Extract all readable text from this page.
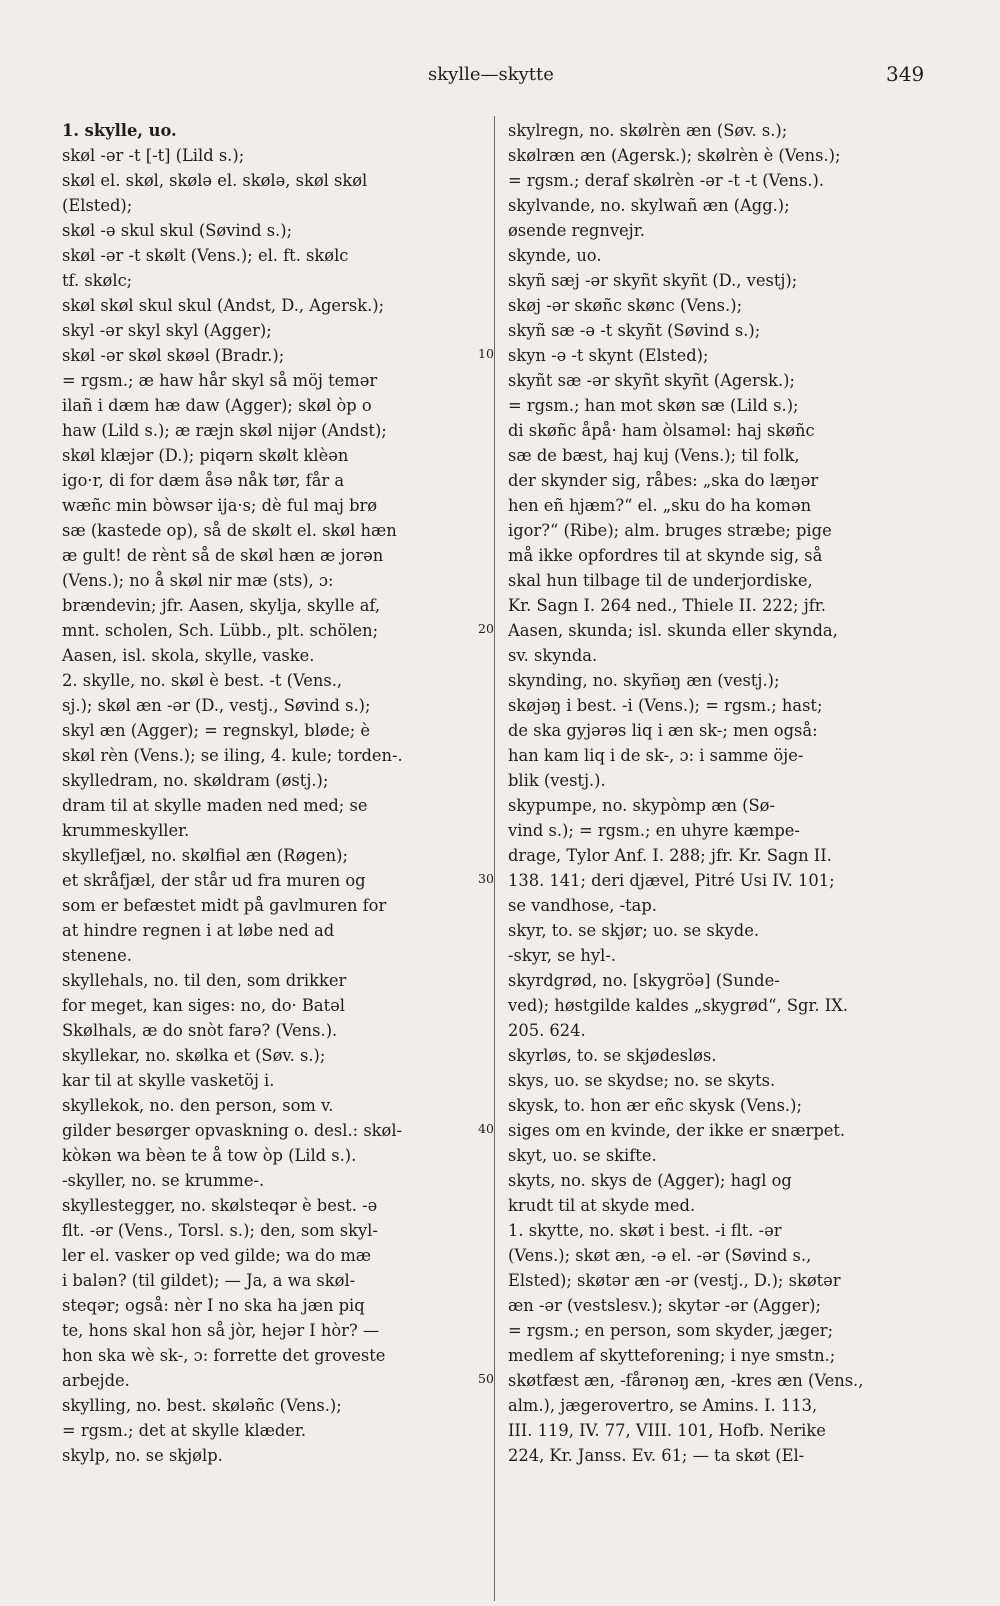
skylle—skytte	349
1. skylle, uo.
skøl -ər -t [-t] (Lild s.);
skøl el. skøl, skølə el. skølə, skøl skøl
(Elsted);
skøl -ə skul skul (Søvind s.);
skøl -ər -t skølt (Vens.); el. ft. skølc
tf. skølc;
skøl skøl skul skul (Andst, D., Agersk.);
skyl -ər skyl skyl (Agger);
skøl -ər skøl skøəl (Bradr.);
= rgsm.; æ haw hår skyl så möj temər
ilañ i dæm hæ daw (Agger); skøl òp o
haw (Lild s.); æ ræjn skøl nijər (Andst);
skøl klæjər (D.); piqərn skølt klèən
igo·r, di for dæm åsə nåk tør, får a
wæñc min bòwsər ija·s; dè ful maj brø
sæ (kastede op), så de skølt el. skøl hæn
æ gult! de rènt så de skøl hæn æ jorən
(Vens.); no å skøl nir mæ (sts), ɔ:
brændevin; jfr. Aasen, skylja, skylle af,
mnt. scholen, Sch. Lübb., plt. schölen;
Aasen, isl. skola, skylle, vaske.
2. skylle, no. skøl è best. -t (Vens.,
sj.); skøl æn -ər (D., vestj., Søvind s.);
skyl æn (Agger); = regnskyl, bløde; è
skøl rèn (Vens.); se iling, 4. kule; torden-.
skylledram, no. skøldram (østj.);
dram til at skylle maden ned med; se
krummeskyller.
skyllefjæl, no. skølfiəl æn (Røgen);
et skråfjæl, der står ud fra muren og
som er befæstet midt på gavlmuren for
at hindre regnen i at løbe ned ad
stenene.
skyllehals, no. til den, som drikker
for meget, kan siges: no, do· Batəl
Skølhals, æ do snòt farə? (Vens.).
skyllekar, no. skølka et (Søv. s.);
kar til at skylle vasketöj i.
skyllekok, no. den person, som v.
gilder besørger opvaskning o. desl.: skøl-
kòkən wa bèən te å tow òp (Lild s.).
-skyller, no. se krumme-.
skyllestegger, no. skølsteqər è best. -ə
flt. -ər (Vens., Torsl. s.); den, som skyl-
ler el. vasker op ved gilde; wa do mæ
i balən? (til gildet); — Ja, a wa skøl-
steqər; også: nèr I no ska ha jæn piq
te, hons skal hon så jòr, hejər I hòr? —
hon ska wè sk-, ɔ: forrette det groveste
arbejde.
skylling, no. best. skøləñc (Vens.);
= rgsm.; det at skylle klæder.
skylp, no. se skjølp.
skylregn, no. skølrèn æn (Søv. s.);
skølræn æn (Agersk.); skølrèn è (Vens.);
= rgsm.; deraf skølrèn -ər -t -t (Vens.).
skylvande, no. skylwañ æn (Agg.);
øsende regnvejr.
skynde, uo.
skyñ sæj -ər skyñt skyñt (D., vestj);
skøj -ər skøñc skønc (Vens.);
skyñ sæ -ə -t skyñt (Søvind s.);
skyn -ə -t skynt (Elsted);
skyñt sæ -ər skyñt skyñt (Agersk.);
= rgsm.; han mot skøn sæ (Lild s.);
di skøñc åpå· ham òlsaməl: haj skøñc
sæ de bæst, haj kuj (Vens.); til folk,
der skynder sig, råbes: „ska do læŋər
hen eñ hjæm?“ el. „sku do ha komən
igor?“ (Ribe); alm. bruges stræbe; pige
må ikke opfordres til at skynde sig, så
skal hun tilbage til de underjordiske,
Kr. Sagn I. 264 ned., Thiele II. 222; jfr.
Aasen, skunda; isl. skunda eller skynda,
sv. skynda.
skynding, no. skyñəŋ æn (vestj.);
skøjəŋ i best. -i (Vens.); = rgsm.; hast;
de ska gyjərəs liq i æn sk-; men også:
han kam liq i de sk-, ɔ: i samme öje-
blik (vestj.).
skypumpe, no. skypòmp æn (Sø-
vind s.); = rgsm.; en uhyre kæmpe-
drage, Tylor Anf. I. 288; jfr. Kr. Sagn II.
138. 141; deri djævel, Pitré Usi IV. 101;
se vandhose, -tap.
skyr, to. se skjør; uo. se skyde.
-skyr, se hyl-.
skyrdgrød, no. [skygröə] (Sunde-
ved); høstgilde kaldes „skygrød“, Sgr. IX.
205. 624.
skyrløs, to. se skjødesløs.
skys, uo. se skydse; no. se skyts.
skysk, to. hon ær eñc skysk (Vens.);
siges om en kvinde, der ikke er snærpet.
skyt, uo. se skifte.
skyts, no. skys de (Agger); hagl og
krudt til at skyde med.
1. skytte, no. skøt i best. -i flt. -ər
(Vens.); skøt æn, -ə el. -ər (Søvind s.,
Elsted); skøtər æn -ər (vestj., D.); skøtər
æn -ər (vestslesv.); skytər -ər (Agger);
= rgsm.; en person, som skyder, jæger;
medlem af skytteforening; i nye smstn.;
skøtfæst æn, -fårənəŋ æn, -kres æn (Vens.,
alm.), jægerovertro, se Amins. I. 113,
III. 119, IV. 77, VIII. 101, Hofb. Nerike
224, Kr. Janss. Ev. 61; — ta skøt (El-
10
20
30
40
50
